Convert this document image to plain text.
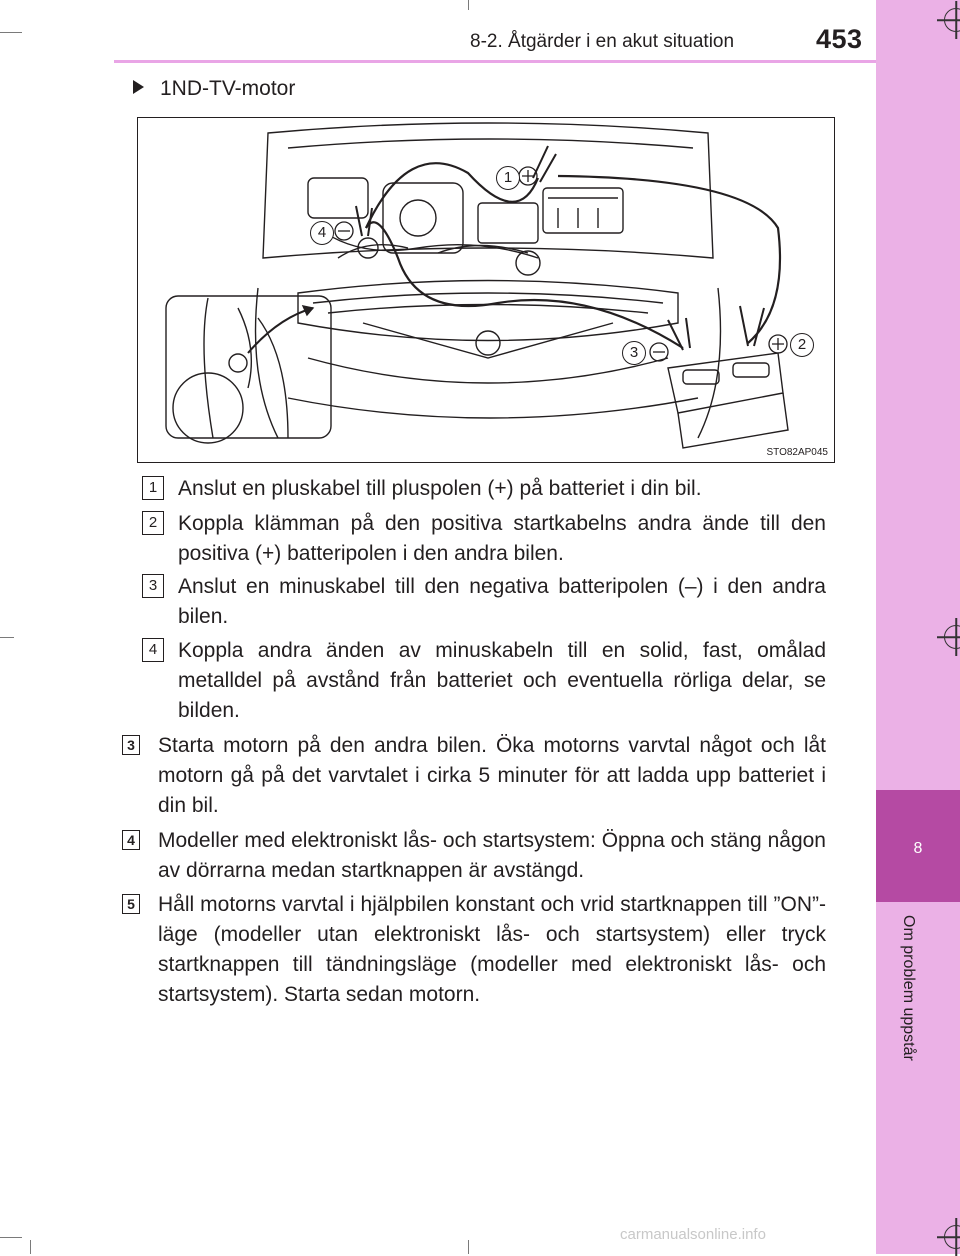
8
Om problem uppstår
8-2. Åtgärder i en akut situation	453
1ND-TV-motor
1
2
3
4
STO82AP045
1 Anslut en pluskabel till pluspolen (+) på batteriet i din bil.
2 Koppla klämman på den positiva startkabelns andra ände till den positiva (+) batteripolen i den andra bilen.
3 Anslut en minuskabel till den negativa batteripolen (–) i den andra bilen.
4 Koppla andra änden av minuskabeln till en solid, fast, omålad metalldel på avstånd från batteriet och eventuella rörliga delar, se bilden.
3 Starta motorn på den andra bilen. Öka motorns varvtal något och låt motorn gå på det varvtalet i cirka 5 minuter för att ladda upp batteriet i din bil.
4 Modeller med elektroniskt lås- och startsystem: Öppna och stäng någon av dörrarna medan startknappen är avstängd.
5 Håll motorns varvtal i hjälpbilen konstant och vrid startknappen till ”ON”-läge (modeller utan elektroniskt lås- och startsystem) eller tryck startknappen till tändningsläge (modeller med elektroniskt lås- och startsystem). Starta sedan motorn.
carmanualsonline.info
